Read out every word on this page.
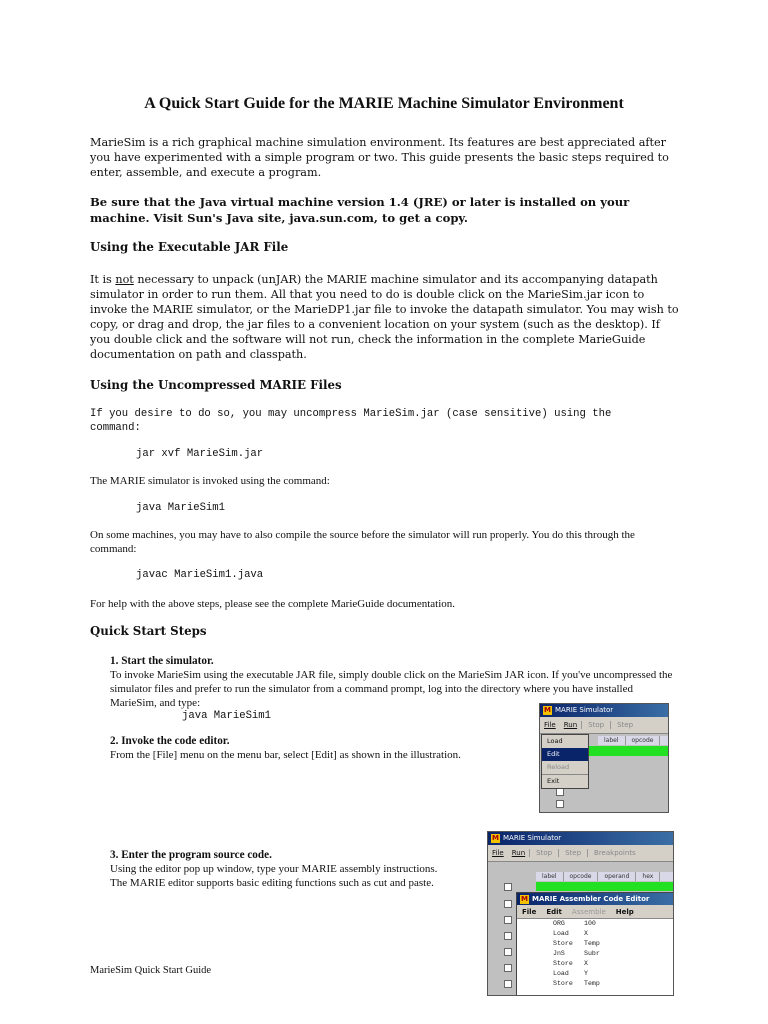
A Quick Start Guide for the MARIE Machine Simulator Environment

MarieSim is a rich graphical machine simulation environment. Its features are best appreciated after you have experimented with a simple program or two. This guide presents the basic steps required to enter, assemble, and execute a program.

Be sure that the Java virtual machine version 1.4 (JRE) or later is installed on your machine. Visit Sun's Java site, java.sun.com, to get a copy.

Using the Executable JAR File

It is not necessary to unpack (unJAR) the MARIE machine simulator and its accompanying datapath simulator in order to run them. All that you need to do is double click on the MarieSim.jar icon to invoke the MARIE simulator, or the MarieDP1.jar file to invoke the datapath simulator. You may wish to copy, or drag and drop, the jar files to a convenient location on your system (such as the desktop). If you double click and the software will not run, check the information in the complete MarieGuide documentation on path and classpath.

Using the Uncompressed MARIE Files

If you desire to do so, you may uncompress MarieSim.jar (case sensitive) using the
command:

jar xvf MarieSim.jar

The MARIE simulator is invoked using the command:

java MarieSim1

On some machines, you may have to also compile the source before the simulator will run properly. You do this through the command:

javac MarieSim1.java

For help with the above steps, please see the complete MarieGuide documentation.

Quick Start Steps

1. Start the simulator.
To invoke MarieSim using the executable JAR file, simply double click on the MarieSim JAR icon. If you've uncompressed the simulator files and prefer to run the simulator from a command prompt, log into the directory where you have installed MarieSim, and type:

java MarieSim1

2. Invoke the code editor.
From the [File] menu on the menu bar, select [Edit] as shown in the illustration.

3. Enter the program source code.
Using the editor pop up window, type your MARIE assembly instructions. The MARIE editor supports basic editing functions such as cut and paste.

MarieSim Quick Start Guide
M MARIE Simulator
File	Run	Stop	Step
label	opcode
Load
Edit
Reload
Exit
M MARIE Simulator
File	Run	Stop	Step	Breakpoints
label	opcode	operand	hex
M MARIE Assembler Code Editor
File	Edit	Assemble	Help
ORG	100
Load X
Store Temp
JnS	Subr
Store X
Load Y
Store Temp
